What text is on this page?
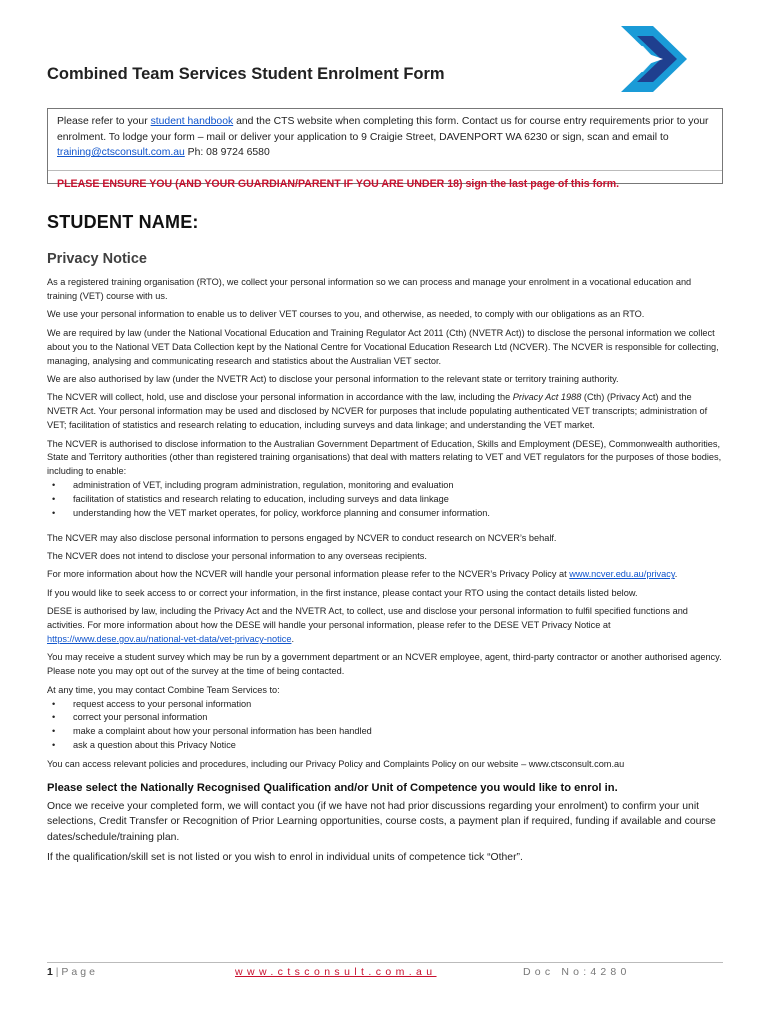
Combined Team Services Student Enrolment Form
Please refer to your student handbook and the CTS website when completing this form. Contact us for course entry requirements prior to your enrolment. To lodge your form – mail or deliver your application to 9 Craigie Street, DAVENPORT WA 6230 or sign, scan and email to training@ctsconsult.com.au Ph: 08 9724 6580
PLEASE ENSURE YOU (AND YOUR GUARDIAN/PARENT IF YOU ARE UNDER 18) sign the last page of this form.
STUDENT NAME:
Privacy Notice

As a registered training organisation (RTO), we collect your personal information so we can process and manage your enrolment in a vocational education and training (VET) course with us.

We use your personal information to enable us to deliver VET courses to you, and otherwise, as needed, to comply with our obligations as an RTO.

We are required by law (under the National Vocational Education and Training Regulator Act 2011 (Cth) (NVETR Act)) to disclose the personal information we collect about you to the National VET Data Collection kept by the National Centre for Vocational Education Research Ltd (NCVER). The NCVER is responsible for collecting, managing, analysing and communicating research and statistics about the Australian VET sector.

We are also authorised by law (under the NVETR Act) to disclose your personal information to the relevant state or territory training authority.

The NCVER will collect, hold, use and disclose your personal information in accordance with the law, including the Privacy Act 1988 (Cth) (Privacy Act) and the NVETR Act. Your personal information may be used and disclosed by NCVER for purposes that include populating authenticated VET transcripts; administration of VET; facilitation of statistics and research relating to education, including surveys and data linkage; and understanding the VET market.

The NCVER is authorised to disclose information to the Australian Government Department of Education, Skills and Employment (DESE), Commonwealth authorities, State and Territory authorities (other than registered training organisations) that deal with matters relating to VET and VET regulators for the purposes of those bodies, including to enable:

• administration of VET, including program administration, regulation, monitoring and evaluation
• facilitation of statistics and research relating to education, including surveys and data linkage
• understanding how the VET market operates, for policy, workforce planning and consumer information.

The NCVER may also disclose personal information to persons engaged by NCVER to conduct research on NCVER’s behalf.

The NCVER does not intend to disclose your personal information to any overseas recipients.

For more information about how the NCVER will handle your personal information please refer to the NCVER’s Privacy Policy at www.ncver.edu.au/privacy.

If you would like to seek access to or correct your information, in the first instance, please contact your RTO using the contact details listed below.

DESE is authorised by law, including the Privacy Act and the NVETR Act, to collect, use and disclose your personal information to fulfil specified functions and activities. For more information about how the DESE will handle your personal information, please refer to the DESE VET Privacy Notice at https://www.dese.gov.au/national-vet-data/vet-privacy-notice.

You may receive a student survey which may be run by a government department or an NCVER employee, agent, third-party contractor or another authorised agency. Please note you may opt out of the survey at the time of being contacted.

At any time, you may contact Combine Team Services to:

• request access to your personal information
• correct your personal information
• make a complaint about how your personal information has been handled
• ask a question about this Privacy Notice

You can access relevant policies and procedures, including our Privacy Policy and Complaints Policy on our website – www.ctsconsult.com.au

Please select the Nationally Recognised Qualification and/or Unit of Competence you would like to enrol in.

Once we receive your completed form, we will contact you (if we have not had prior discussions regarding your enrolment) to confirm your unit selections, Credit Transfer or Recognition of Prior Learning opportunities, course costs, a payment plan if required, funding if available and course dates/schedule/training plan.

If the qualification/skill set is not listed or you wish to enrol in individual units of competence tick “Other”.

1 | Page	www.ctsconsult.com.au	Doc No:4280
